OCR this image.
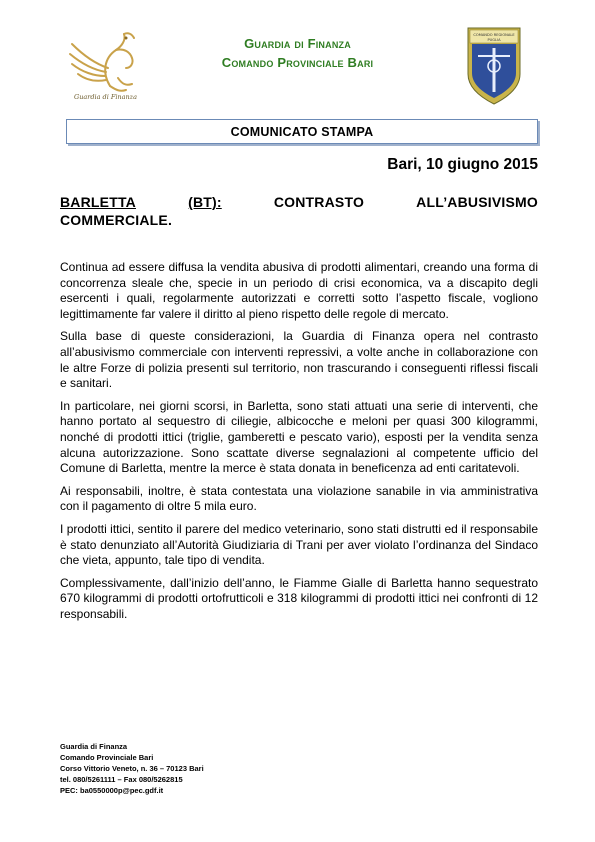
Guardia di Finanza
Guardia di Finanza
Comando Provinciale Bari
COMANDO REGIONALE
PUGLIA
COMUNICATO STAMPA
Bari, 10 giugno 2015
BARLETTA	(BT):	CONTRASTO	ALL’ABUSIVISMO
COMMERCIALE.

Continua ad essere diffusa la vendita abusiva di prodotti alimentari, creando una forma di concorrenza sleale che, specie in un periodo di crisi economica, va a discapito degli esercenti i quali, regolarmente autorizzati e corretti sotto l’aspetto fiscale, vogliono legittimamente far valere il diritto al pieno rispetto delle regole di mercato.

Sulla base di queste considerazioni, la Guardia di Finanza opera nel contrasto all’abusivismo commerciale con interventi repressivi, a volte anche in collaborazione con le altre Forze di polizia presenti sul territorio, non trascurando i conseguenti riflessi fiscali e sanitari.

In particolare, nei giorni scorsi, in Barletta, sono stati attuati una serie di interventi, che hanno portato al sequestro di ciliegie, albicocche e meloni per quasi 300 kilogrammi, nonché di prodotti ittici (triglie, gamberetti e pescato vario), esposti per la vendita senza alcuna autorizzazione. Sono scattate diverse segnalazioni al competente ufficio del Comune di Barletta, mentre la merce è stata donata in beneficenza ad enti caritatevoli.

Ai responsabili, inoltre, è stata contestata una violazione sanabile in via amministrativa con il pagamento di oltre 5 mila euro.

I prodotti ittici, sentito il parere del medico veterinario, sono stati distrutti ed il responsabile è stato denunziato all’Autorità Giudiziaria di Trani per aver violato l’ordinanza del Sindaco che vieta, appunto, tale tipo di vendita.

Complessivamente, dall’inizio dell’anno, le Fiamme Gialle di Barletta hanno sequestrato 670 kilogrammi di prodotti ortofrutticoli e 318 kilogrammi di prodotti ittici nei confronti di 12 responsabili.

Guardia di Finanza
Comando Provinciale Bari
Corso Vittorio Veneto, n. 36 – 70123 Bari
tel. 080/5261111 – Fax 080/5262815
PEC: ba0550000p@pec.gdf.it
